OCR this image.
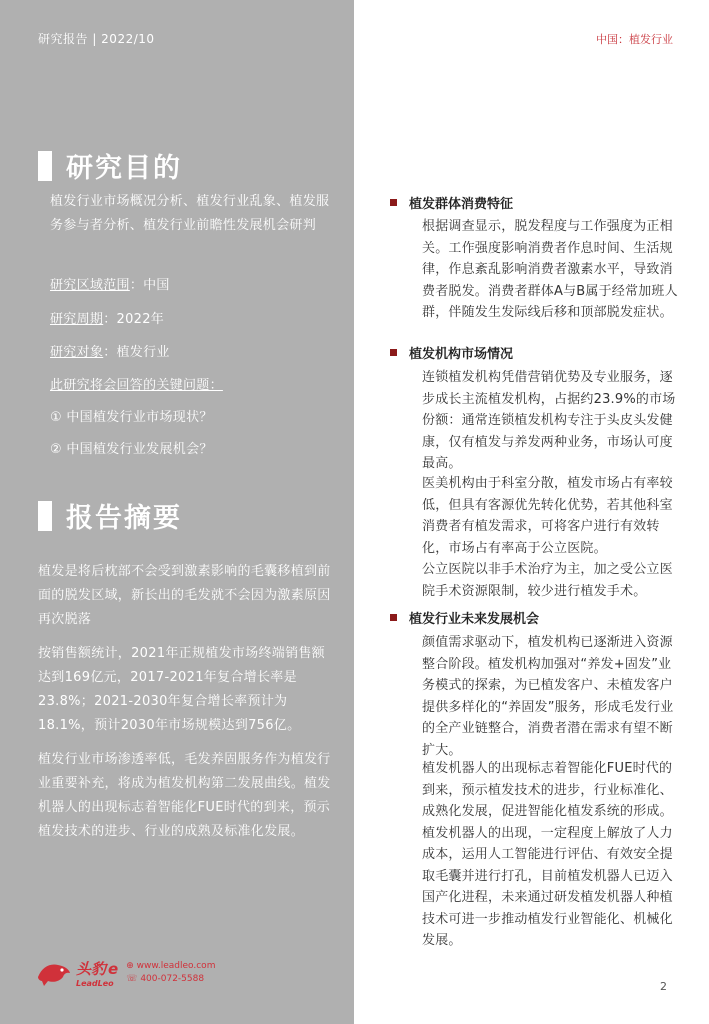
研究报告 | 2022/10	中国：植发行业
研究目的
植发行业市场概况分析、植发行业乱象、植发服务参与者分析、植发行业前瞻性发展机会研判
研究区域范围：中国
研究周期：2022年
研究对象：植发行业
此研究将会回答的关键问题：
① 中国植发行业市场现状？
② 中国植发行业发展机会？
报告摘要
植发是将后枕部不会受到激素影响的毛囊移植到前面的脱发区域，新长出的毛发就不会因为激素原因再次脱落
按销售额统计，2021年正规植发市场终端销售额达到169亿元，2017-2021年复合增长率是23.8%；2021-2030年复合增长率预计为18.1%，预计2030年市场规模达到756亿。
植发行业市场渗透率低，毛发养固服务作为植发行业重要补充，将成为植发机构第二发展曲线。植发机器人的出现标志着智能化FUE时代的到来，预示植发技术的进步、行业的成熟及标准化发展。
植发群体消费特征
根据调查显示，脱发程度与工作强度为正相关。工作强度影响消费者作息时间、生活规律，作息紊乱影响消费者激素水平，导致消费者脱发。消费者群体A与B属于经常加班人群，伴随发生发际线后移和顶部脱发症状。
植发机构市场情况
连锁植发机构凭借营销优势及专业服务，逐步成长主流植发机构，占据约23.9%的市场份额：通常连锁植发机构专注于头皮头发健康，仅有植发与养发两种业务，市场认可度最高。
医美机构由于科室分散，植发市场占有率较低，但具有客源优先转化优势，若其他科室消费者有植发需求，可将客户进行有效转化，市场占有率高于公立医院。
公立医院以非手术治疗为主，加之受公立医院手术资源限制，较少进行植发手术。
植发行业未来发展机会
颜值需求驱动下，植发机构已逐渐进入资源整合阶段。植发机构加强对“养发+固发”业务模式的探索，为已植发客户、未植发客户提供多样化的“养固发”服务，形成毛发行业的全产业链整合，消费者潜在需求有望不断扩大。
植发机器人的出现标志着智能化FUE时代的到来，预示植发技术的进步，行业标准化、成熟化发展，促进智能化植发系统的形成。植发机器人的出现，一定程度上解放了人力成本，运用人工智能进行评估、有效安全提取毛囊并进行打孔，目前植发机器人已迈入国产化进程，未来通过研发植发机器人种植技术可进一步推动植发行业智能化、机械化发展。
头豹 e
LeadLeo
⊕ www.leadleo.com
☏ 400-072-5588
2
